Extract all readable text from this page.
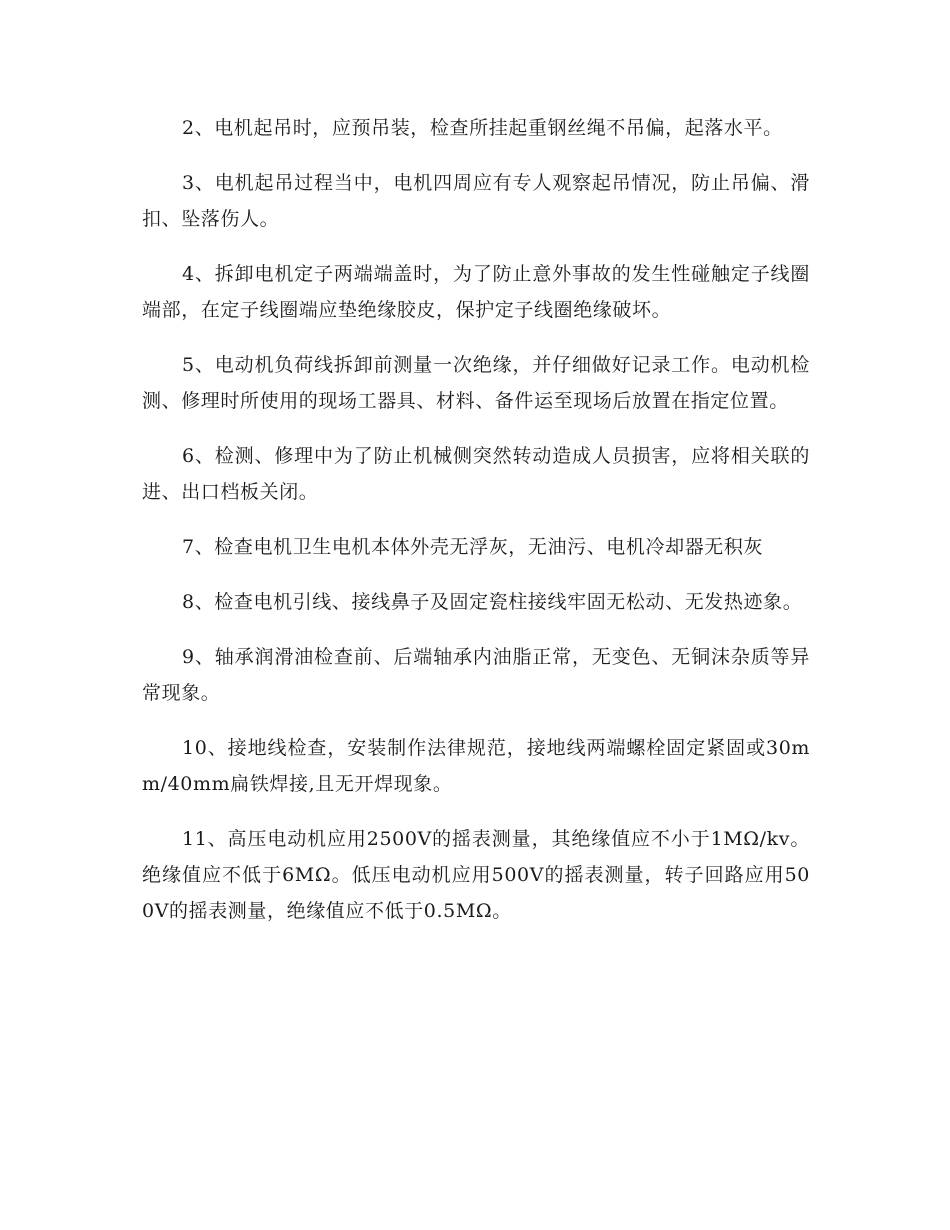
2、电机起吊时，应预吊装，检查所挂起重钢丝绳不吊偏，起落水平。

3、电机起吊过程当中，电机四周应有专人观察起吊情况，防止吊偏、滑扣、坠落伤人。

4、拆卸电机定子两端端盖时，为了防止意外事故的发生性碰触定子线圈端部，在定子线圈端应垫绝缘胶皮，保护定子线圈绝缘破坏。

5、电动机负荷线拆卸前测量一次绝缘，并仔细做好记录工作。电动机检测、修理时所使用的现场工器具、材料、备件运至现场后放置在指定位置。

6、检测、修理中为了防止机械侧突然转动造成人员损害，应将相关联的进、出口档板关闭。

7、检查电机卫生电机本体外壳无浮灰，无油污、电机冷却器无积灰

8、检查电机引线、接线鼻子及固定瓷柱接线牢固无松动、无发热迹象。

9、轴承润滑油检查前、后端轴承内油脂正常，无变色、无铜沫杂质等异常现象。

10、接地线检查，安装制作法律规范，接地线两端螺栓固定紧固或30mm/40mm扁铁焊接,且无开焊现象。

11、高压电动机应用2500V的摇表测量，其绝缘值应不小于1MΩ/kv。绝缘值应不低于6MΩ。低压电动机应用500V的摇表测量，转子回路应用500V的摇表测量，绝缘值应不低于0.5MΩ。
